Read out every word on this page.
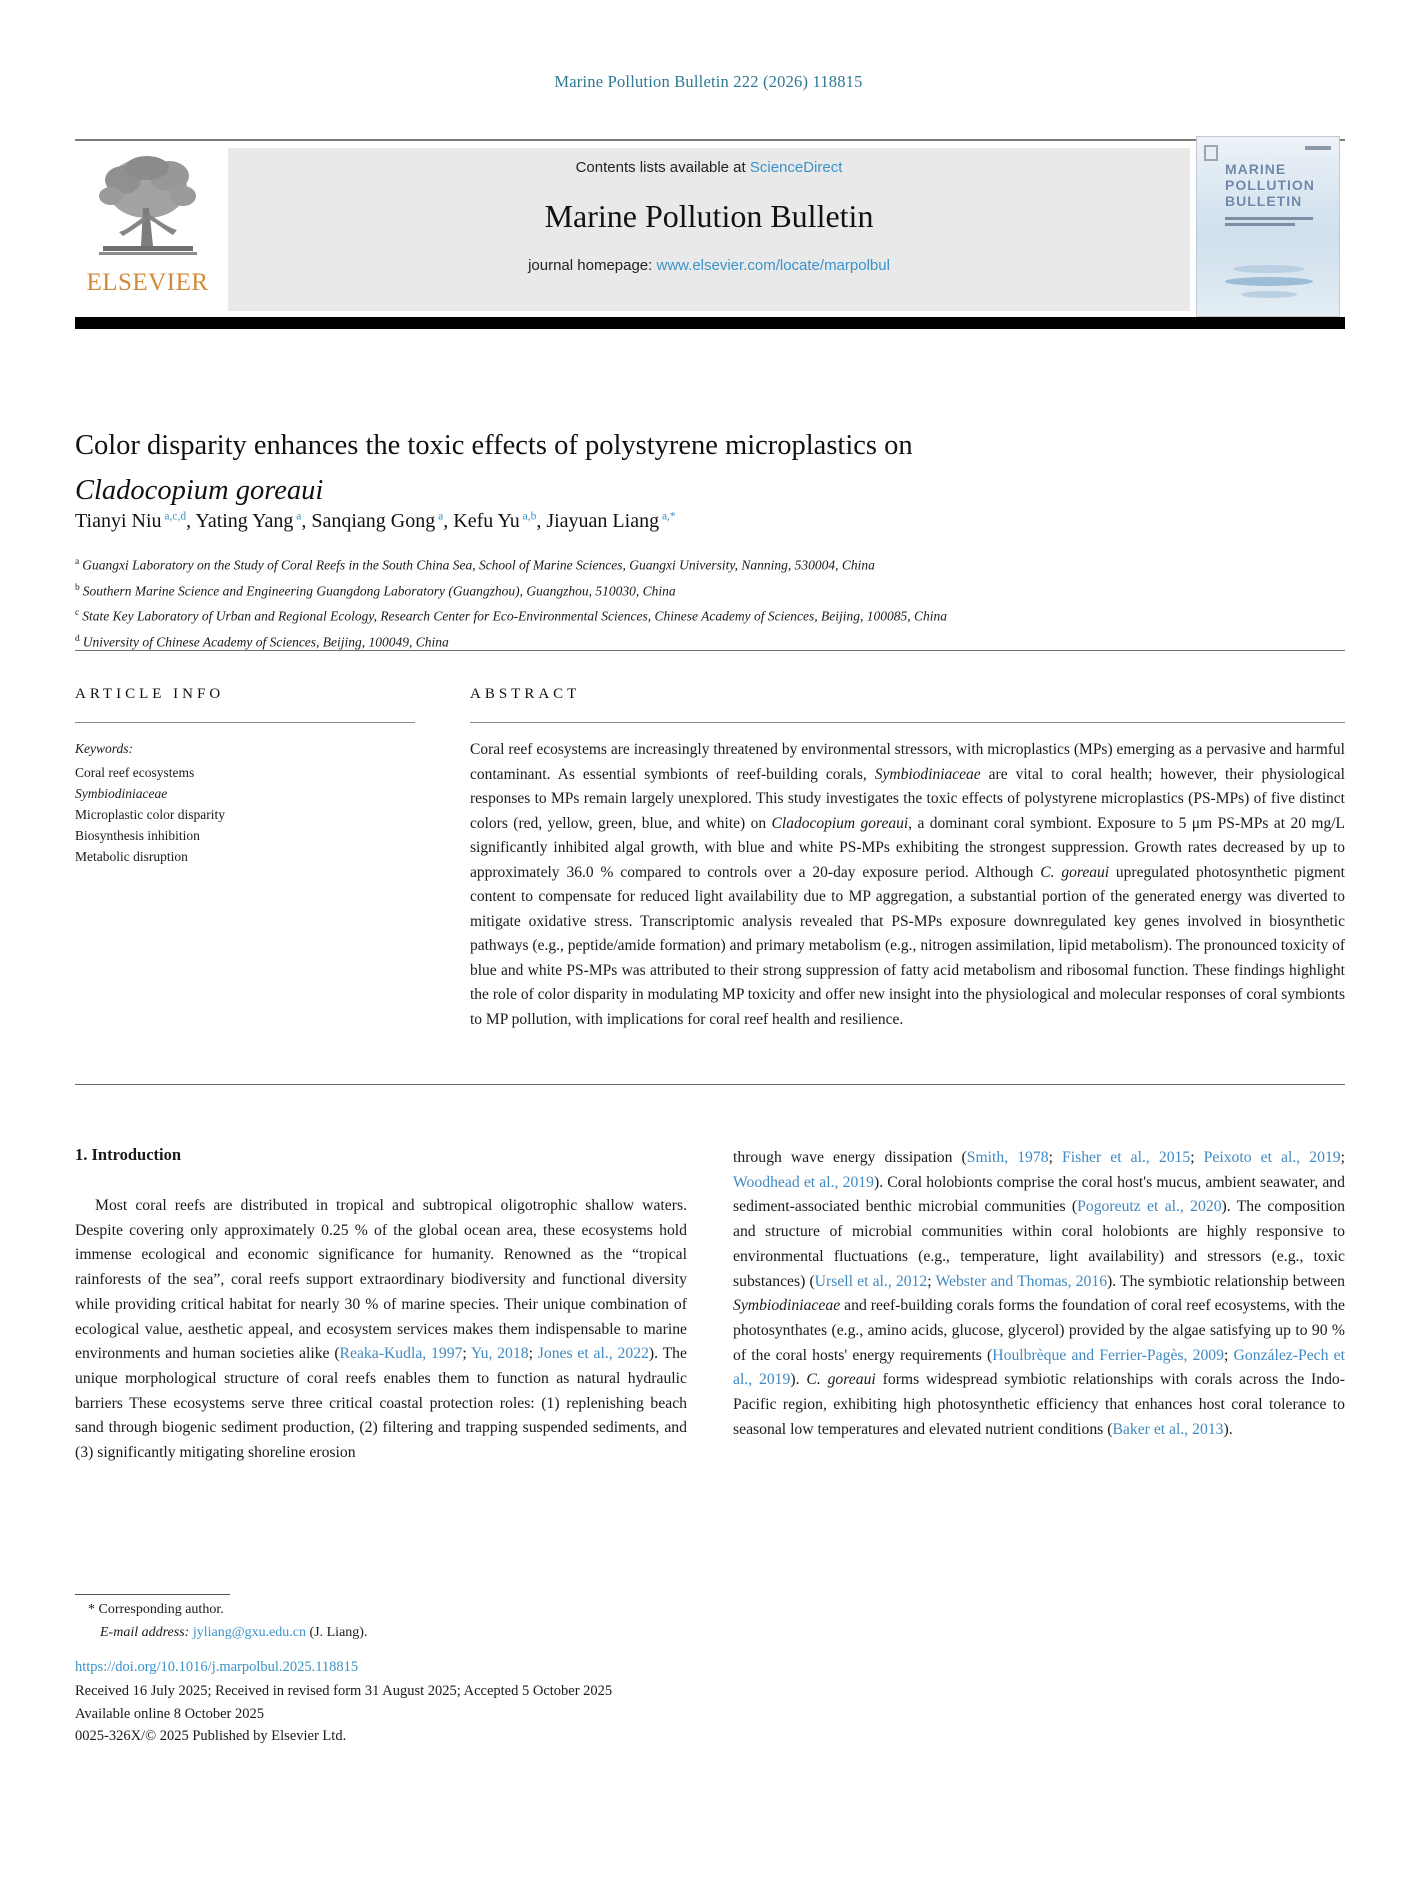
Marine Pollution Bulletin 222 (2026) 118815
ELSEVIER
Contents lists available at ScienceDirect
Marine Pollution Bulletin
journal homepage: www.elsevier.com/locate/marpolbul
MARINE
POLLUTION
BULLETIN
Color disparity enhances the toxic effects of polystyrene microplastics on
Cladocopium goreaui
Tianyi Niu $^{a,c,d}$, Yating Yang $^a$, Sanqiang Gong $^a$, Kefu Yu $^{a,b}$, Jiayuan Liang $^{a,*}$
$^a$ Guangxi Laboratory on the Study of Coral Reefs in the South China Sea, School of Marine Sciences, Guangxi University, Nanning, 530004, China
$^b$ Southern Marine Science and Engineering Guangdong Laboratory (Guangzhou), Guangzhou, 510030, China
$^c$ State Key Laboratory of Urban and Regional Ecology, Research Center for Eco-Environmental Sciences, Chinese Academy of Sciences, Beijing, 100085, China
$^d$ University of Chinese Academy of Sciences, Beijing, 100049, China
ARTICLE INFO	ABSTRACT
Keywords:
Coral reef ecosystems
Symbiodiniaceae
Microplastic color disparity
Biosynthesis inhibition
Metabolic disruption

Coral reef ecosystems are increasingly threatened by environmental stressors, with microplastics (MPs) emerging as a pervasive and harmful contaminant. As essential symbionts of reef-building corals, Symbiodiniaceae are vital to coral health; however, their physiological responses to MPs remain largely unexplored. This study investigates the toxic effects of polystyrene microplastics (PS-MPs) of five distinct colors (red, yellow, green, blue, and white) on Cladocopium goreaui, a dominant coral symbiont. Exposure to 5 μm PS-MPs at 20 mg/L significantly inhibited algal growth, with blue and white PS-MPs exhibiting the strongest suppression. Growth rates decreased by up to approximately 36.0 % compared to controls over a 20-day exposure period. Although C. goreaui upregulated photosynthetic pigment content to compensate for reduced light availability due to MP aggregation, a substantial portion of the generated energy was diverted to mitigate oxidative stress. Transcriptomic analysis revealed that PS-MPs exposure downregulated key genes involved in biosynthetic pathways (e.g., peptide/amide formation) and primary metabolism (e.g., nitrogen assimilation, lipid metabolism). The pronounced toxicity of blue and white PS-MPs was attributed to their strong suppression of fatty acid metabolism and ribosomal function. These findings highlight the role of color disparity in modulating MP toxicity and offer new insight into the physiological and molecular responses of coral symbionts to MP pollution, with implications for coral reef health and resilience.

1. Introduction

Most coral reefs are distributed in tropical and subtropical oligotrophic shallow waters. Despite covering only approximately 0.25 % of the global ocean area, these ecosystems hold immense ecological and economic significance for humanity. Renowned as the “tropical rainforests of the sea”, coral reefs support extraordinary biodiversity and functional diversity while providing critical habitat for nearly 30 % of marine species. Their unique combination of ecological value, aesthetic appeal, and ecosystem services makes them indispensable to marine environments and human societies alike (Reaka-Kudla, 1997; Yu, 2018; Jones et al., 2022). The unique morphological structure of coral reefs enables them to function as natural hydraulic barriers These ecosystems serve three critical coastal protection roles: (1) replenishing beach sand through biogenic sediment production, (2) filtering and trapping suspended sediments, and (3) significantly mitigating shoreline erosion

through wave energy dissipation (Smith, 1978; Fisher et al., 2015; Peixoto et al., 2019; Woodhead et al., 2019). Coral holobionts comprise the coral host's mucus, ambient seawater, and sediment-associated benthic microbial communities (Pogoreutz et al., 2020). The composition and structure of microbial communities within coral holobionts are highly responsive to environmental fluctuations (e.g., temperature, light availability) and stressors (e.g., toxic substances) (Ursell et al., 2012; Webster and Thomas, 2016). The symbiotic relationship between Symbiodiniaceae and reef-building corals forms the foundation of coral reef ecosystems, with the photosynthates (e.g., amino acids, glucose, glycerol) provided by the algae satisfying up to 90 % of the coral hosts' energy requirements (Houlbrèque and Ferrier-Pagès, 2009; González-Pech et al., 2019). C. goreaui forms widespread symbiotic relationships with corals across the Indo-Pacific region, exhibiting high photosynthetic efficiency that enhances host coral tolerance to seasonal low temperatures and elevated nutrient conditions (Baker et al., 2013).

* Corresponding author.
E-mail address: jyliang@gxu.edu.cn (J. Liang).
https://doi.org/10.1016/j.marpolbul.2025.118815
Received 16 July 2025; Received in revised form 31 August 2025; Accepted 5 October 2025
Available online 8 October 2025
0025-326X/© 2025 Published by Elsevier Ltd.
